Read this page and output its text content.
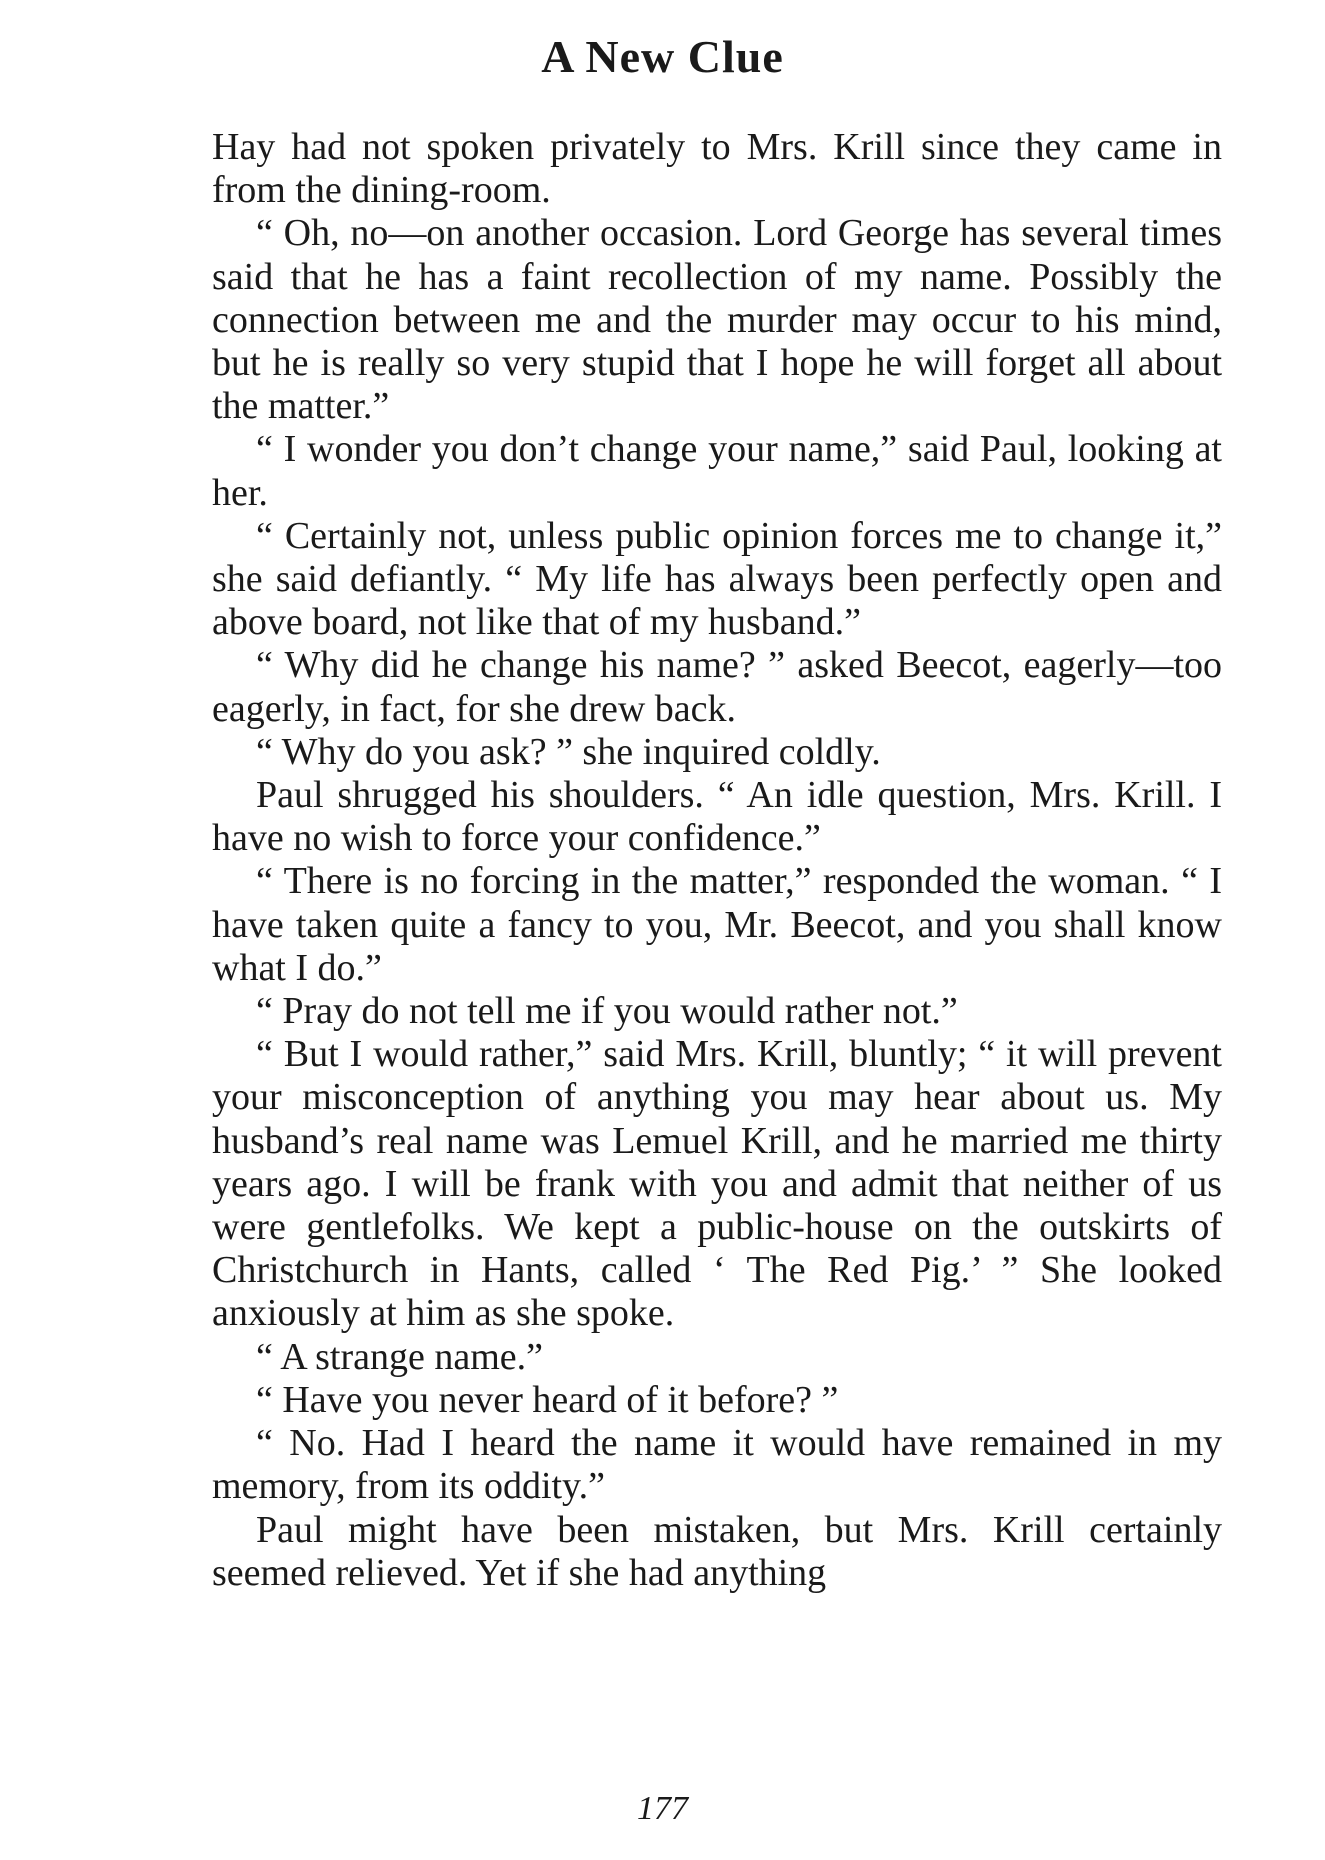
A New Clue

Hay had not spoken privately to Mrs. Krill since they came in from the dining-room.

“ Oh, no—on another occasion. Lord George has several times said that he has a faint recollection of my name. Possibly the connection between me and the murder may occur to his mind, but he is really so very stupid that I hope he will forget all about the matter.”

“ I wonder you don’t change your name,” said Paul, looking at her.

“ Certainly not, unless public opinion forces me to change it,” she said defiantly. “ My life has always been perfectly open and above board, not like that of my husband.”

“ Why did he change his name? ” asked Beecot, eagerly—too eagerly, in fact, for she drew back.

“ Why do you ask? ” she inquired coldly.

Paul shrugged his shoulders. “ An idle question, Mrs. Krill. I have no wish to force your confidence.”

“ There is no forcing in the matter,” responded the woman. “ I have taken quite a fancy to you, Mr. Beecot, and you shall know what I do.”

“ Pray do not tell me if you would rather not.”

“ But I would rather,” said Mrs. Krill, bluntly; “ it will prevent your misconception of anything you may hear about us. My husband’s real name was Lemuel Krill, and he married me thirty years ago. I will be frank with you and admit that neither of us were gentlefolks. We kept a public-house on the outskirts of Christchurch in Hants, called ‘ The Red Pig.’ ” She looked anxiously at him as she spoke.

“ A strange name.”

“ Have you never heard of it before? ”

“ No. Had I heard the name it would have remained in my memory, from its oddity.”

Paul might have been mistaken, but Mrs. Krill certainly seemed relieved. Yet if she had anything

177
